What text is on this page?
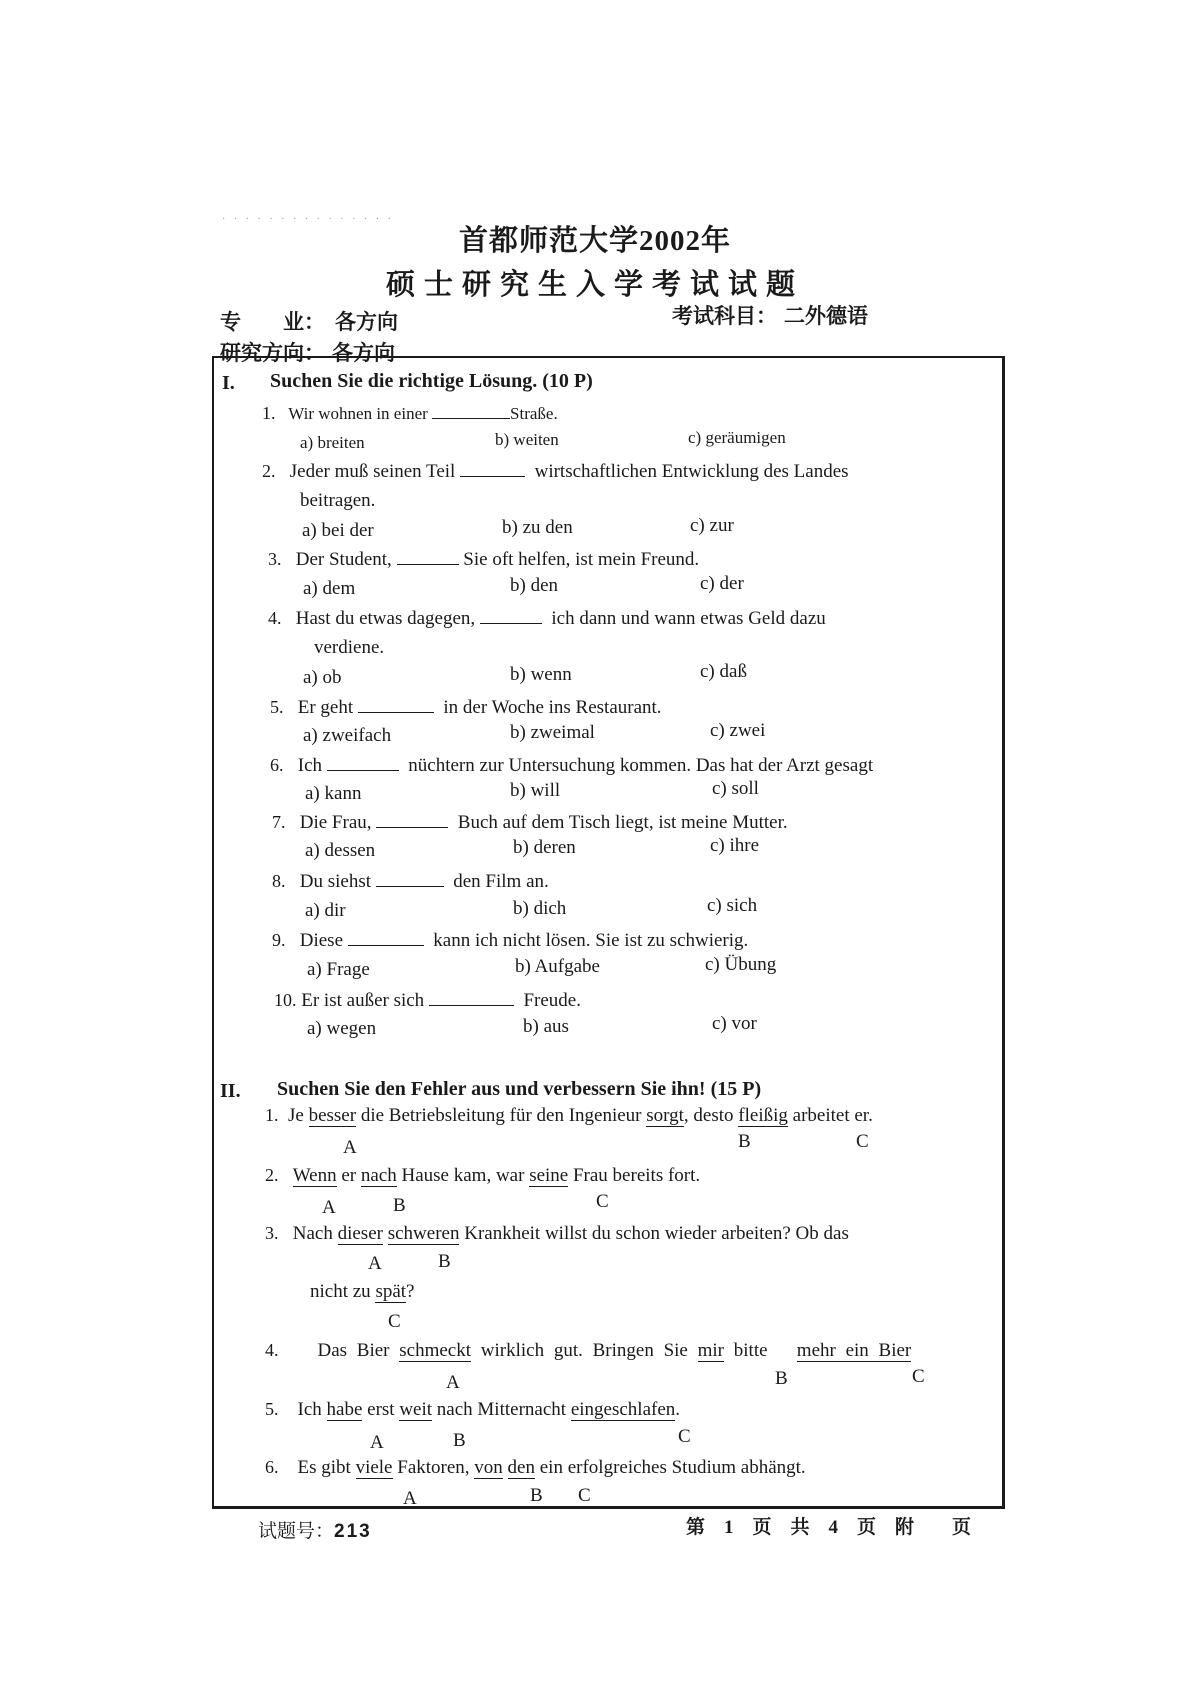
· · · · · · · · · · · · · · ·
首都师范大学2002年
硕士研究生入学考试试题
专　　业： 各方向
研究方向： 各方向
考试科目： 二外德语
I. Suchen Sie die richtige Lösung. (10 P)
1. Wir wohnen in einer	Straße.
a) breiten	b) weiten	c) geräumigen
2. Jeder muß seinen Teil	wirtschaftlichen Entwicklung des Landes
beitragen.
a) bei der	b) zu den	c) zur
3. Der Student,	Sie oft helfen, ist mein Freund.
a) dem	b) den	c) der
4. Hast du etwas dagegen,	ich dann und wann etwas Geld dazu
verdiene.
a) ob	b) wenn	c) daß
5. Er geht	in der Woche ins Restaurant.
a) zweifach	b) zweimal	c) zwei
6. Ich	nüchtern zur Untersuchung kommen. Das hat der Arzt gesagt
a) kann	b) will	c) soll
7. Die Frau,	Buch auf dem Tisch liegt, ist meine Mutter.
a) dessen	b) deren	c) ihre
8. Du siehst	den Film an.
a) dir	b) dich	c) sich
9. Diese	kann ich nicht lösen. Sie ist zu schwierig.
a) Frage	b) Aufgabe	c) Übung
10. Er ist außer sich	Freude.
a) wegen	b) aus	c) vor
II. Suchen Sie den Fehler aus und verbessern Sie ihn! (15 P)
1. Je besser die Betriebsleitung für den Ingenieur sorgt, desto fleißig arbeitet er.
A	B	C
2. Wenn er nach Hause kam, war seine Frau bereits fort.
A	B	C
3. Nach dieser schweren Krankheit willst du schon wieder arbeiten? Ob das
A	B
nicht zu spät?
C
4. Das Bier schmeckt wirklich gut. Bringen Sie mir bitte   mehr ein Bier
A	B	C
5. Ich habe erst weit nach Mitternacht eingeschlafen.
A	B	C
6. Es gibt viele Faktoren, von den ein erfolgreiches Studium abhängt.
A	B C
试题号：213	第　1　页　共　4　页　附　　页
